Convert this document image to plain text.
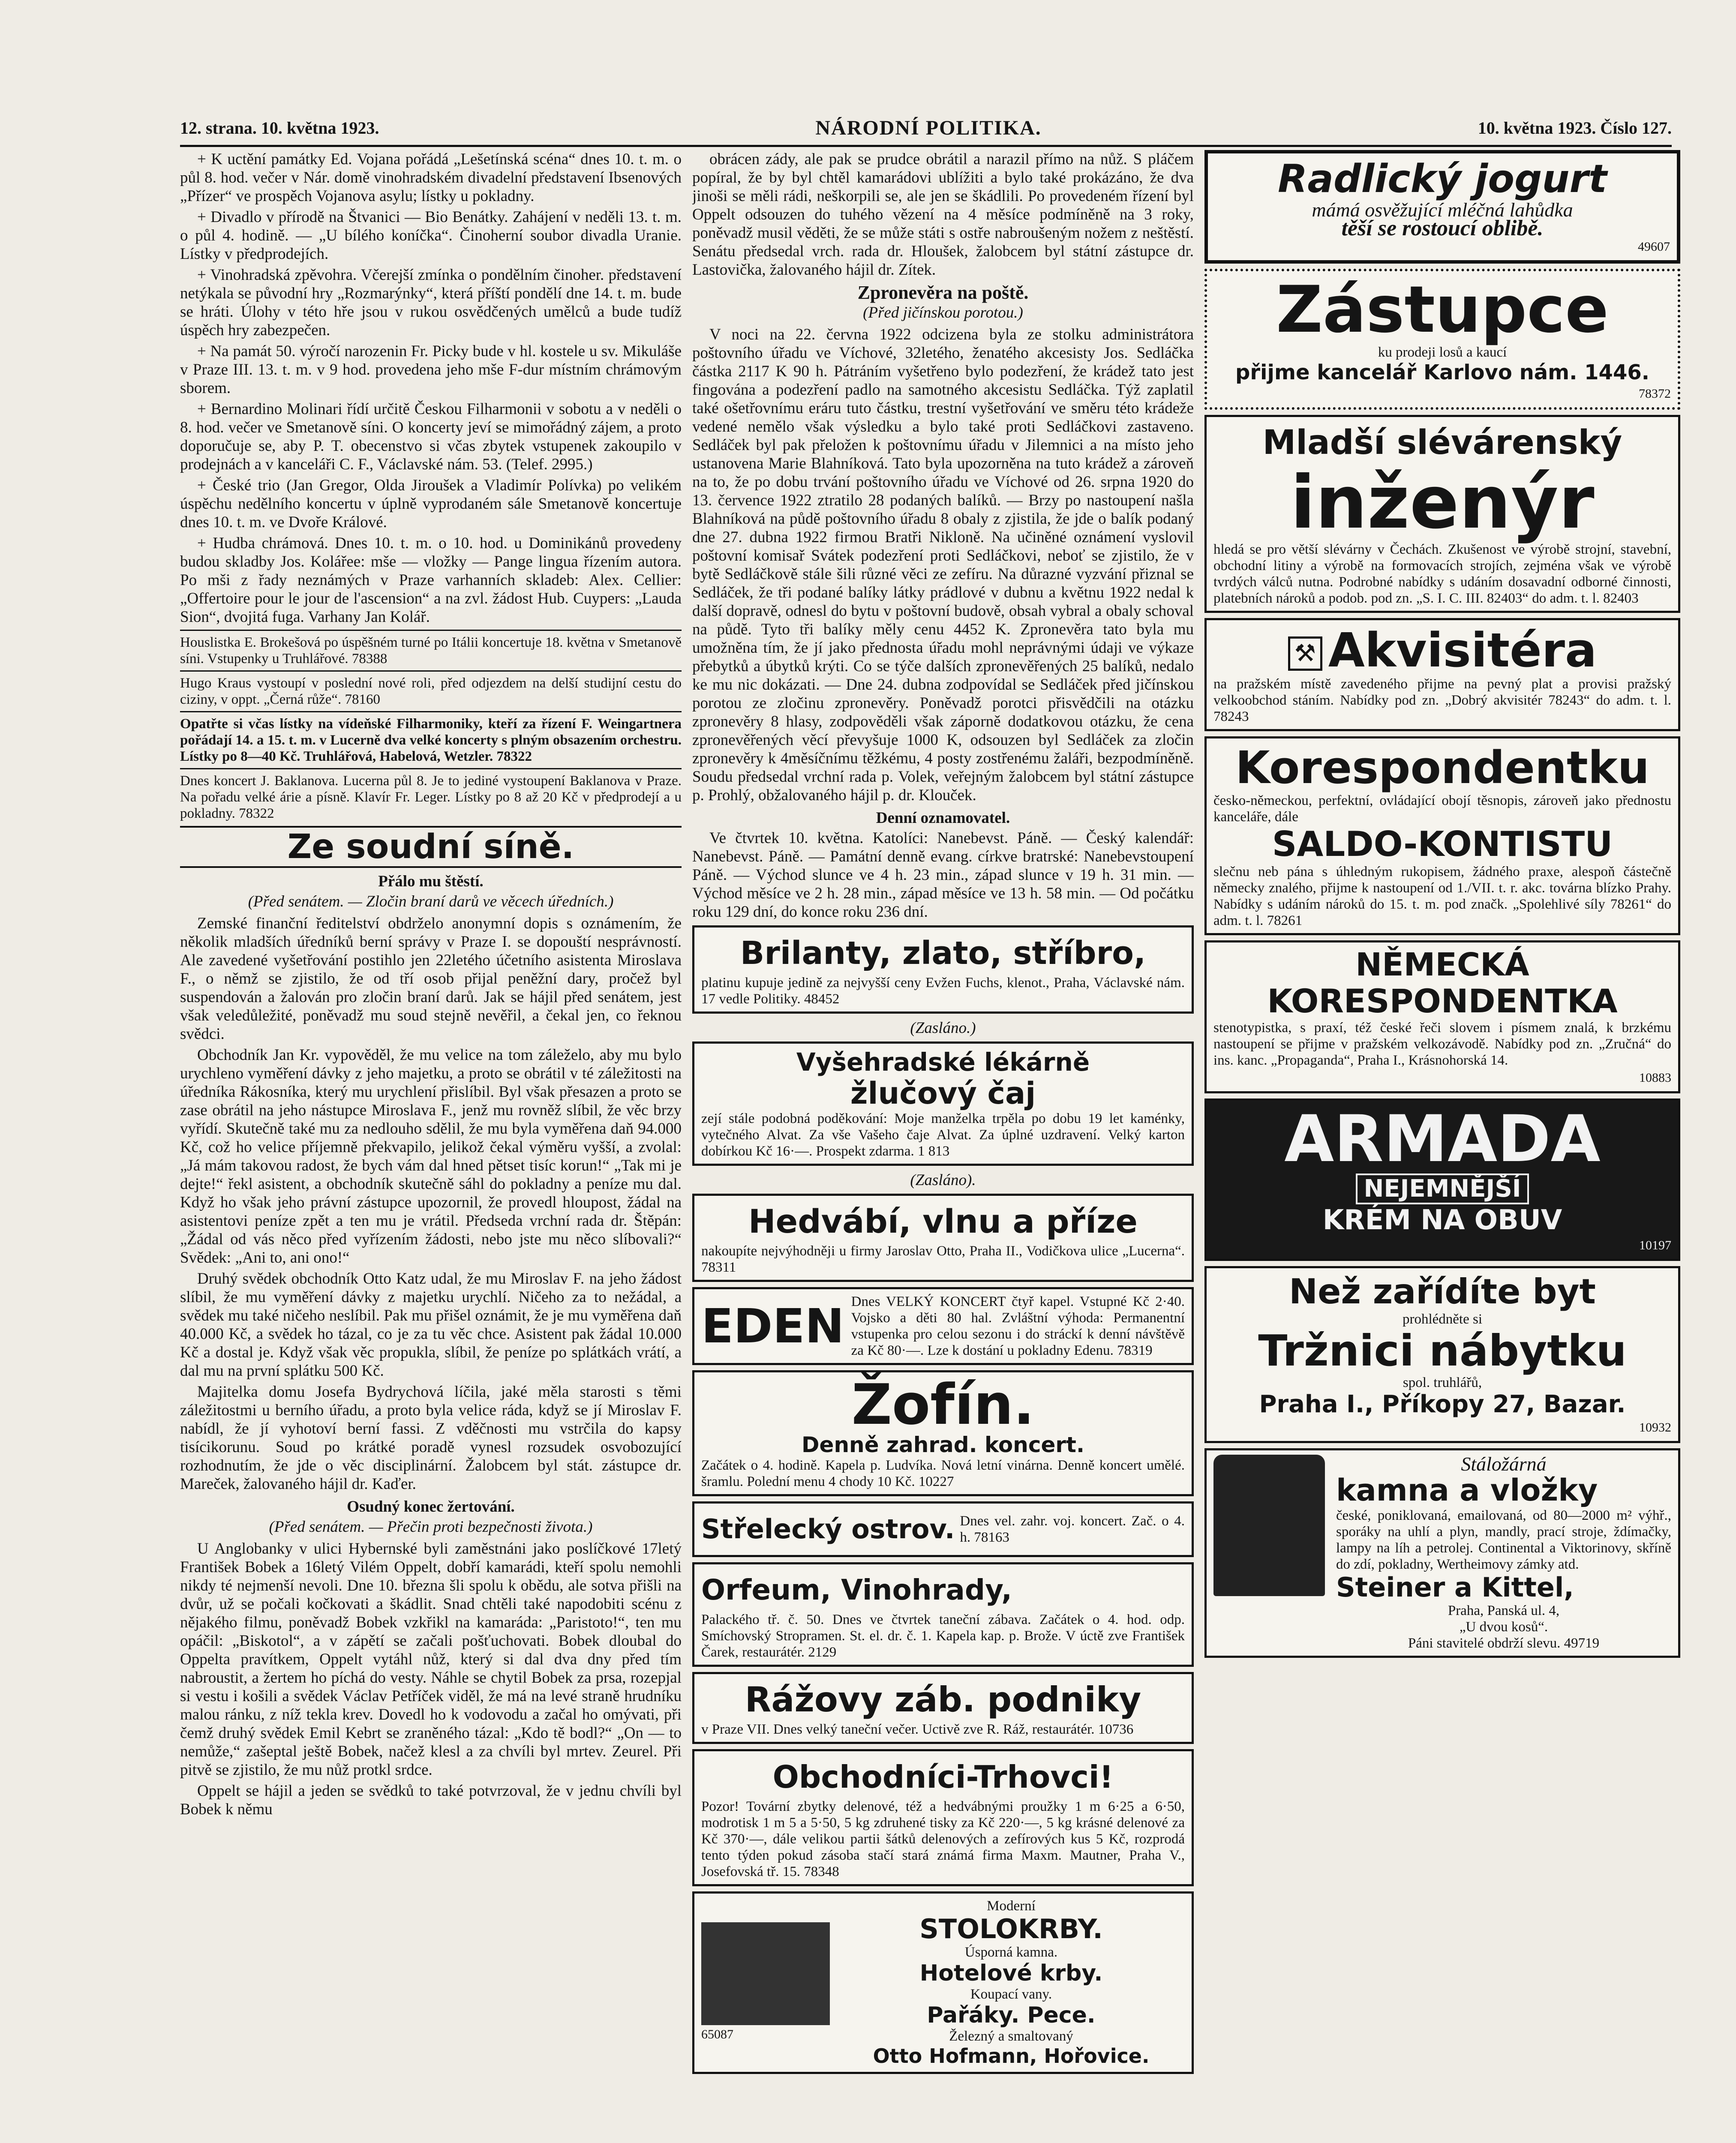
12. strana. 10. května 1923.	NÁRODNÍ POLITIKA.	10. května 1923. Číslo 127.

+ K uctění památky Ed. Vojana pořádá „Lešetínská scéna“ dnes 10. t. m. o půl 8. hod. večer v Nár. domě vinohradském divadelní představení Ibsenových „Přízer“ ve prospěch Vojanova asylu; lístky u pokladny.

+ Divadlo v přírodě na Štvanici — Bio Benátky. Zahájení v neděli 13. t. m. o půl 4. hodině. — „U bílého koníčka“. Činoherní soubor divadla Uranie. Lístky v předprodejích.

+ Vinohradská zpěvohra. Včerejší zmínka o pondělním činoher. představení netýkala se původní hry „Rozmarýnky“, která příští pondělí dne 14. t. m. bude se hráti. Úlohy v této hře jsou v rukou osvědčených umělců a bude tudíž úspěch hry zabezpečen.

+ Na památ 50. výročí narozenin Fr. Picky bude v hl. kostele u sv. Mikuláše v Praze III. 13. t. m. v 9 hod. provedena jeho mše F-dur místním chrámovým sborem.

+ Bernardino Molinari řídí určitě Českou Filharmonii v sobotu a v neděli o 8. hod. večer ve Smetanově síni. O koncerty jeví se mimořádný zájem, a proto doporučuje se, aby P. T. obecenstvo si včas zbytek vstupenek zakoupilo v prodejnách a v kanceláři C. F., Václavské nám. 53. (Telef. 2995.)

+ České trio (Jan Gregor, Olda Jiroušek a Vladimír Polívka) po velikém úspěchu nedělního koncertu v úplně vyprodaném sále Smetanově koncertuje dnes 10. t. m. ve Dvoře Králové.

+ Hudba chrámová. Dnes 10. t. m. o 10. hod. u Dominikánů provedeny budou skladby Jos. Kolářee: mše — vložky — Pange lingua řízením autora. Po mši z řady neznámých v Praze varhanních skladeb: Alex. Cellier: „Offertoire pour le jour de l'ascension“ a na zvl. žádost Hub. Cuypers: „Lauda Sion“, dvojitá fuga. Varhany Jan Kolář.

Houslistka E. Brokešová po úspěšném turné po Itálii koncertuje 18. května v Smetanově síni. Vstupenky u Truhlářové. 78388

Hugo Kraus vystoupí v poslední nové roli, před odjezdem na delší studijní cestu do ciziny, v oppt. „Černá růže“. 78160

Opatřte si včas lístky na vídeňské Filharmoniky, kteří za řízení F. Weingartnera pořádají 14. a 15. t. m. v Lucerně dva velké koncerty s plným obsazením orchestru. Lístky po 8—40 Kč. Truhlářová, Habelová, Wetzler. 78322

Dnes koncert J. Baklanova. Lucerna půl 8. Je to jediné vystoupení Baklanova v Praze. Na pořadu velké árie a písně. Klavír Fr. Leger. Lístky po 8 až 20 Kč v předprodejí a u pokladny. 78322

Ze soudní síně.
Přálo mu štěstí.
(Před senátem. — Zločin braní darů ve věcech úředních.)

Zemské finanční ředitelství obdrželo anonymní dopis s oznámením, že několik mladších úředníků berní správy v Praze I. se dopouští nesprávností. Ale zavedené vyšetřování postihlo jen 22letého účetního asistenta Miroslava F., o němž se zjistilo, že od tří osob přijal peněžní dary, pročež byl suspendován a žalován pro zločin braní darů. Jak se hájil před senátem, jest však veledůležité, poněvadž mu soud stejně nevěřil, a čekal jen, co řeknou svědci.

Obchodník Jan Kr. vypověděl, že mu velice na tom záleželo, aby mu bylo urychleno vyměření dávky z jeho majetku, a proto se obrátil v té záležitosti na úředníka Rákosníka, který mu urychlení přislíbil. Byl však přesazen a proto se zase obrátil na jeho nástupce Miroslava F., jenž mu rovněž slíbil, že věc brzy vyřídí. Skutečně také mu za nedlouho sdělil, že mu byla vyměřena daň 94.000 Kč, což ho velice příjemně překvapilo, jelikož čekal výměru vyšší, a zvolal: „Já mám takovou radost, že bych vám dal hned pětset tisíc korun!“ „Tak mi je dejte!“ řekl asistent, a obchodník skutečně sáhl do pokladny a peníze mu dal. Když ho však jeho právní zástupce upozornil, že provedl hloupost, žádal na asistentovi peníze zpět a ten mu je vrátil. Předseda vrchní rada dr. Štěpán: „Žádal od vás něco před vyřízením žádosti, nebo jste mu něco slíbovali?“ Svědek: „Ani to, ani ono!“

Druhý svědek obchodník Otto Katz udal, že mu Miroslav F. na jeho žádost slíbil, že mu vyměření dávky z majetku urychlí. Ničeho za to nežádal, a svědek mu také ničeho neslíbil. Pak mu přišel oznámit, že je mu vyměřena daň 40.000 Kč, a svědek ho tázal, co je za tu věc chce. Asistent pak žádal 10.000 Kč a dostal je. Když však věc propukla, slíbil, že peníze po splátkách vrátí, a dal mu na první splátku 500 Kč.

Majitelka domu Josefa Bydrychová líčila, jaké měla starosti s těmi záležitostmi u berního úřadu, a proto byla velice ráda, když se jí Miroslav F. nabídl, že jí vyhotoví berní fassi. Z vděčnosti mu vstrčila do kapsy tisícikorunu. Soud po krátké poradě vynesl rozsudek osvobozující rozhodnutím, že jde o věc disciplinární. Žalobcem byl stát. zástupce dr. Mareček, žalovaného hájil dr. Kaďer.

Osudný konec žertování.
(Před senátem. — Přečin proti bezpečnosti života.)

U Anglobanky v ulici Hybernské byli zaměstnáni jako poslíčkové 17letý František Bobek a 16letý Vilém Oppelt, dobří kamarádi, kteří spolu nemohli nikdy té nejmenší nevoli. Dne 10. března šli spolu k obědu, ale sotva přišli na dvůr, už se počali kočkovati a škádlit. Snad chtěli také napodobiti scénu z nějakého filmu, poněvadž Bobek vzkřikl na kamaráda: „Paristoto!“, ten mu opáčil: „Biskotol“, a v zápětí se začali pošťuchovati. Bobek dloubal do Oppelta pravítkem, Oppelt vytáhl nůž, který si dal dva dny před tím nabroustit, a žertem ho píchá do vesty. Náhle se chytil Bobek za prsa, rozepjal si vestu i košili a svědek Václav Petříček viděl, že má na levé straně hrudníku malou ránku, z níž tekla krev. Dovedl ho k vodovodu a začal ho omývati, při čemž druhý svědek Emil Kebrt se zraněného tázal: „Kdo tě bodl?“ „On — to nemůže,“ zašeptal ještě Bobek, načež klesl a za chvíli byl mrtev. Zeurel. Při pitvě se zjistilo, že mu nůž protkl srdce.

Oppelt se hájil a jeden se svědků to také potvrzoval, že v jednu chvíli byl Bobek k němu

obrácen zády, ale pak se prudce obrátil a narazil přímo na nůž. S pláčem popíral, že by byl chtěl kamarádovi ublížiti a bylo také prokázáno, že dva jinoši se měli rádi, neškorpili se, ale jen se škádlili. Po provedeném řízení byl Oppelt odsouzen do tuhého vězení na 4 měsíce podmíněně na 3 roky, poněvadž musil věděti, že se může státi s ostře nabroušeným nožem z neštěstí. Senátu předsedal vrch. rada dr. Hloušek, žalobcem byl státní zástupce dr. Lastovička, žalovaného hájil dr. Zítek.

Zpronevěra na poště.
(Před jičínskou porotou.)

V noci na 22. června 1922 odcizena byla ze stolku administrátora poštovního úřadu ve Víchové, 32letého, ženatého akcesisty Jos. Sedláčka částka 2117 K 90 h. Pátráním vyšetřeno bylo podezření, že krádež tato jest fingována a podezření padlo na samotného akcesistu Sedláčka. Týž zaplatil také ošetřovnímu eráru tuto částku, trestní vyšetřování ve směru této krádeže vedené nemělo však výsledku a bylo také proti Sedláčkovi zastaveno. Sedláček byl pak přeložen k poštovnímu úřadu v Jilemnici a na místo jeho ustanovena Marie Blahníková. Tato byla upozorněna na tuto krádež a zároveň na to, že po dobu trvání poštovního úřadu ve Víchové od 26. srpna 1920 do 13. července 1922 ztratilo 28 podaných balíků. — Brzy po nastoupení našla Blahníková na půdě poštovního úřadu 8 obaly z zjistila, že jde o balík podaný dne 27. dubna 1922 firmou Bratři Nikloně. Na učiněné oznámení vyslovil poštovní komisař Svátek podezření proti Sedláčkovi, neboť se zjistilo, že v bytě Sedláčkově stále šili různé věci ze zefíru. Na důrazné vyzvání přiznal se Sedláček, že tři podané balíky látky prádlové v dubnu a květnu 1922 nedal k další dopravě, odnesl do bytu v poštovní budově, obsah vybral a obaly schoval na půdě. Tyto tři balíky měly cenu 4452 K. Zpronevěra tato byla mu umožněna tím, že jí jako přednosta úřadu mohl neprávnými údaji ve výkaze přebytků a úbytků krýti. Co se týče dalších zpronevěřených 25 balíků, nedalo ke mu nic dokázati. — Dne 24. dubna zodpovídal se Sedláček před jičínskou porotou ze zločinu zpronevěry. Poněvadž porotci přisvědčili na otázku zpronevěry 8 hlasy, zodpověděli však záporně dodatkovou otázku, že cena zpronevěřených věcí převyšuje 1000 K, odsouzen byl Sedláček za zločin zpronevěry k 4měsíčnímu těžkému, 4 posty zostřenému žaláři, bezpodmíněně. Soudu předsedal vrchní rada p. Volek, veřejným žalobcem byl státní zástupce p. Prohlý, obžalovaného hájil p. dr. Klouček.

Denní oznamovatel.

Ve čtvrtek 10. května. Katolíci: Nanebevst. Páně. — Český kalendář: Nanebevst. Páně. — Památní denně evang. církve bratrské: Nanebevstoupení Páně. — Východ slunce ve 4 h. 23 min., západ slunce v 19 h. 31 min. — Východ měsíce ve 2 h. 28 min., západ měsíce ve 13 h. 58 min. — Od počátku roku 129 dní, do konce roku 236 dní.

Brilanty, zlato, stříbro,
platinu kupuje jedině za nejvyšší ceny Evžen Fuchs, klenot., Praha, Václavské nám. 17 vedle Politiky. 48452
(Zasláno.)
Vyšehradské lékárně
žlučový čaj
zejí stále podobná poděkování: Moje manželka trpěla po dobu 19 let kaménky, vytečného Alvat. Za vše Vašeho čaje Alvat. Za úplné uzdravení. Velký karton dobírkou Kč 16·—. Prospekt zdarma. 1 813
(Zasláno).
Hedvábí, vlnu a příze
nakoupíte nejvýhodněji u firmy Jaroslav Otto, Praha II., Vodičkova ulice „Lucerna“. 78311
EDEN Dnes VELKÝ KONCERT čtyř kapel. Vstupné Kč 2·40. Vojsko a děti 80 hal. Zvláštní výhoda: Permanentní vstupenka pro celou sezonu i do stráckí k denní návštěvě za Kč 80·—. Lze k dostání u pokladny Edenu. 78319
Žofín.
Denně zahrad. koncert.
Začátek o 4. hodině. Kapela p. Ludvíka. Nová letní vinárna. Denně koncert umělé. šramlu. Polední menu 4 chody 10 Kč. 10227
Střelecký ostrov. Dnes vel. zahr. voj. koncert. Zač. o 4. h. 78163
Orfeum, Vinohrady,
Palackého tř. č. 50. Dnes ve čtvrtek taneční zábava. Začátek o 4. hod. odp. Smíchovský Stropramen. St. el. dr. č. 1. Kapela kap. p. Brože. V úctě zve František Čarek, restaurátér. 2129
Rážovy záb. podniky
v Praze VII. Dnes velký taneční večer. Uctivě zve R. Ráž, restaurátér. 10736
Obchodníci-Trhovci!
Pozor! Tovární zbytky delenové, též a hedvábnými proužky 1 m 6·25 a 6·50, modrotisk 1 m 5 a 5·50, 5 kg zdruhené tisky za Kč 220·—, 5 kg krásné delenové za Kč 370·—, dále velikou partii šátků delenových a zefírových kus 5 Kč, rozprodá tento týden pokud zásoba stačí stará známá firma Maxm. Mautner, Praha V., Josefovská tř. 15. 78348
65087
Moderní
STOLOKRBY.
Úsporná kamna.
Hotelové krby.
Koupací vany.
Pařáky. Pece.
Železný a smaltovaný
Otto Hofmann, Hořovice.
Radlický jogurt
mámá osvěžující mléčná lahůdka
těší se rostoucí oblibě.
49607
Zástupce
ku prodeji losů a kaucí
přijme kancelář Karlovo nám. 1446.
78372
Mladší slévárenský
inženýr
hledá se pro větší slévárny v Čechách. Zkušenost ve výrobě strojní, stavební, obchodní litiny a výrobě na formovacích strojích, zejména však ve výrobě tvrdých válců nutna. Podrobné nabídky s udáním dosavadní odborné činnosti, platebních nároků a podob. pod zn. „S. I. C. III. 82403“ do adm. t. l. 82403
⚒ Akvisitéra
na pražském místě zavedeného přijme na pevný plat a provisi pražský velkoobchod stáním. Nabídky pod zn. „Dobrý akvisitér 78243“ do adm. t. l. 78243
Korespondentku
česko-německou, perfektní, ovládající obojí těsnopis, zároveň jako přednostu kanceláře, dále
SALDO-KONTISTU
slečnu neb pána s úhledným rukopisem, žádného praxe, alespoň částečně německy znalého, přijme k nastoupení od 1./VII. t. r. akc. továrna blízko Prahy. Nabídky s udáním nároků do 15. t. m. pod značk. „Spolehlivé síly 78261“ do adm. t. l. 78261
NĚMECKÁ
KORESPONDENTKA
stenotypistka, s praxí, též české řeči slovem i písmem znalá, k brzkému nastoupení se přijme v pražském velkozávodě. Nabídky pod zn. „Zručná“ do ins. kanc. „Propaganda“, Praha I., Krásnohorská 14.
10883
ARMADA
NEJEMNĚJŠÍ
KRÉM NA OBUV
10197
Než zařídíte byt
prohlédněte si
Tržnici nábytku
spol. truhlářů,
Praha I., Příkopy 27, Bazar.
10932
Stáložárná
kamna a vložky
české, poniklovaná, emailovaná, od 80—2000 m² výhř., sporáky na uhlí a plyn, mandly, prací stroje, ždímačky, lampy na líh a petrolej. Continental a Viktorinovy, skříně do zdí, pokladny, Wertheimovy zámky atd.
Steiner a Kittel,
Praha, Panská ul. 4,
„U dvou kosů“.
Páni stavitelé obdrží slevu. 49719
